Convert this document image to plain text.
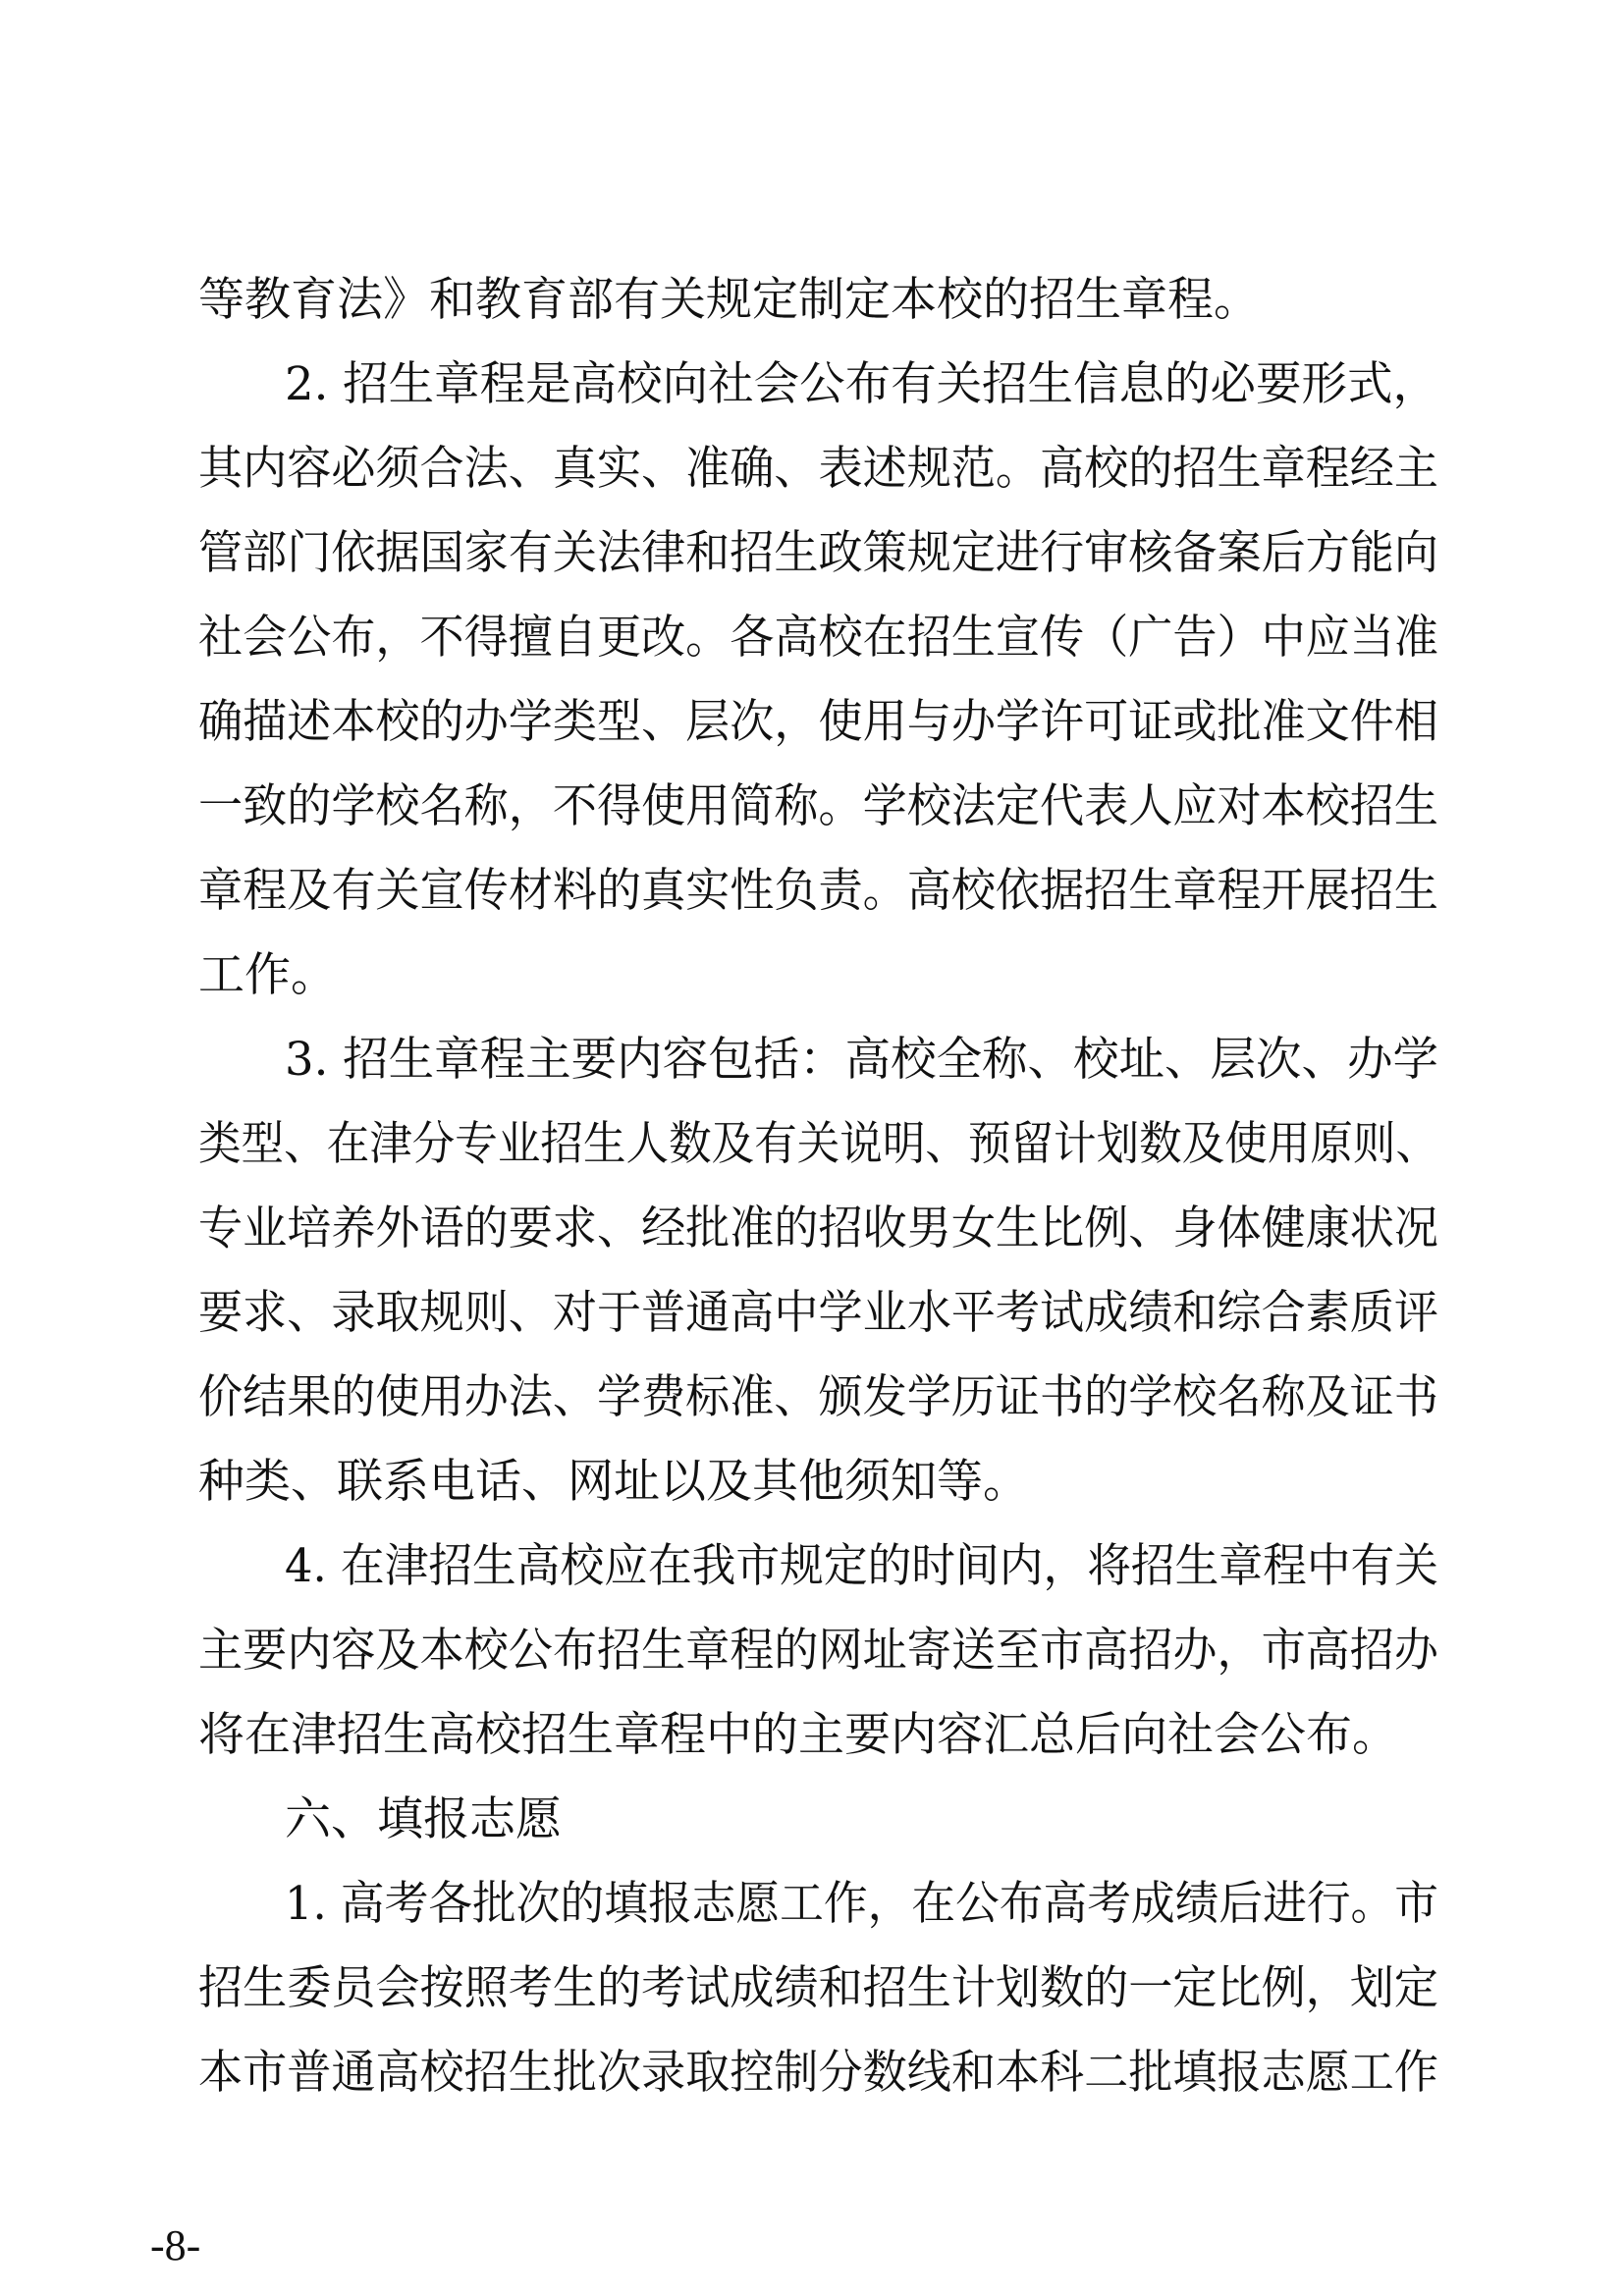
等教育法》和教育部有关规定制定本校的招生章程。
2. 招生章程是高校向社会公布有关招生信息的必要形式，
其内容必须合法、真实、准确、表述规范。高校的招生章程经主
管部门依据国家有关法律和招生政策规定进行审核备案后方能向
社会公布，不得擅自更改。各高校在招生宣传（广告）中应当准
确描述本校的办学类型、层次，使用与办学许可证或批准文件相
一致的学校名称，不得使用简称。学校法定代表人应对本校招生
章程及有关宣传材料的真实性负责。高校依据招生章程开展招生
工作。
3. 招生章程主要内容包括：高校全称、校址、层次、办学
类型、在津分专业招生人数及有关说明、预留计划数及使用原则、
专业培养外语的要求、经批准的招收男女生比例、身体健康状况
要求、录取规则、对于普通高中学业水平考试成绩和综合素质评
价结果的使用办法、学费标准、颁发学历证书的学校名称及证书
种类、联系电话、网址以及其他须知等。
4. 在津招生高校应在我市规定的时间内，将招生章程中有关
主要内容及本校公布招生章程的网址寄送至市高招办，市高招办
将在津招生高校招生章程中的主要内容汇总后向社会公布。
六、填报志愿
1. 高考各批次的填报志愿工作，在公布高考成绩后进行。市
招生委员会按照考生的考试成绩和招生计划数的一定比例，划定
本市普通高校招生批次录取控制分数线和本科二批填报志愿工作
-8-
